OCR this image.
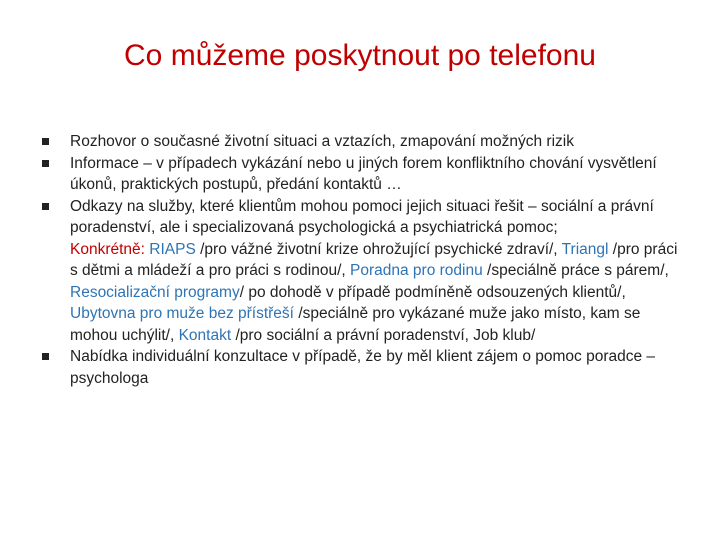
Co můžeme poskytnout po telefonu
Rozhovor o současné životní situaci a vztazích, zmapování možných rizik
Informace – v případech vykázání nebo u jiných forem konfliktního chování vysvětlení úkonů, praktických postupů, předání kontaktů …
Odkazy na služby, které klientům mohou pomoci jejich situaci řešit – sociální a právní poradenství, ale i specializovaná psychologická a psychiatrická pomoc;
Konkrétně: RIAPS /pro vážné životní krize ohrožující psychické zdraví/, Triangl /pro práci s dětmi a mládeží a pro práci s rodinou/, Poradna pro rodinu /speciálně práce s párem/, Resocializační programy/ po dohodě v případě podmíněně odsouzených klientů/, Ubytovna pro muže bez přístřeší /speciálně pro vykázané muže jako místo, kam se mohou uchýlit/, Kontakt /pro sociální a právní poradenství, Job klub/
Nabídka individuální konzultace v případě, že by měl klient zájem o pomoc poradce – psychologa
